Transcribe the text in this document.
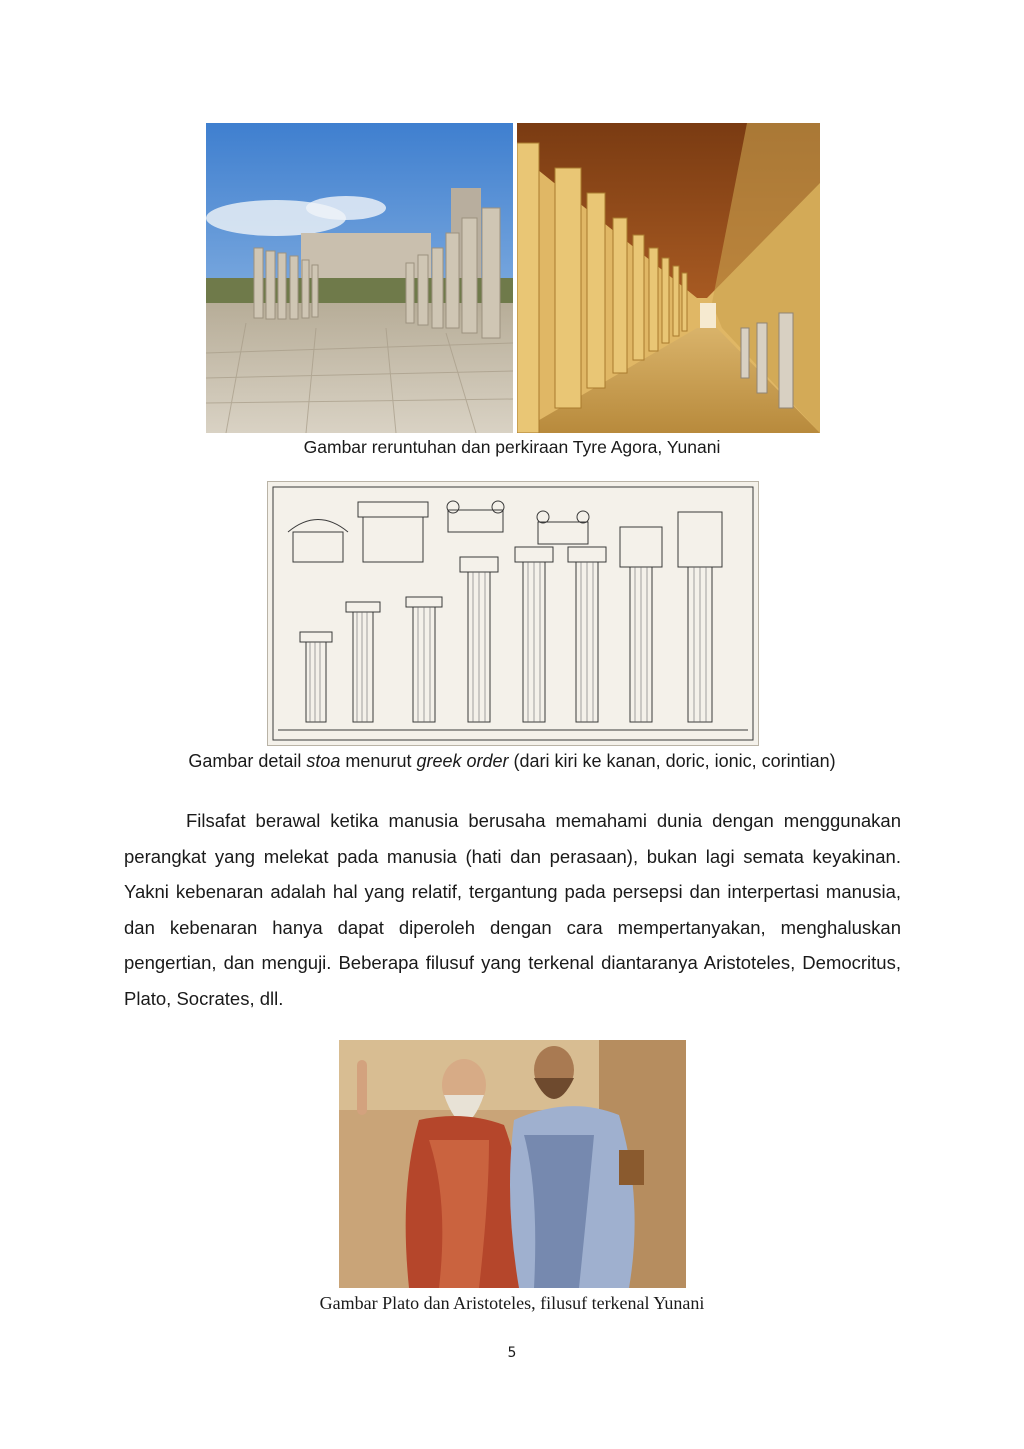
Gambar reruntuhan dan perkiraan Tyre Agora, Yunani
Gambar detail stoa menurut greek order (dari kiri ke kanan, doric, ionic, corintian)
Filsafat berawal ketika manusia berusaha memahami dunia dengan menggunakan perangkat yang melekat pada manusia (hati dan perasaan), bukan lagi semata keyakinan. Yakni kebenaran adalah hal yang relatif, tergantung pada persepsi dan interpertasi manusia, dan kebenaran hanya dapat diperoleh dengan cara mempertanyakan, menghaluskan pengertian, dan menguji. Beberapa filusuf yang terkenal diantaranya Aristoteles, Democritus, Plato, Socrates, dll.
Gambar Plato dan Aristoteles, filusuf terkenal Yunani
5
